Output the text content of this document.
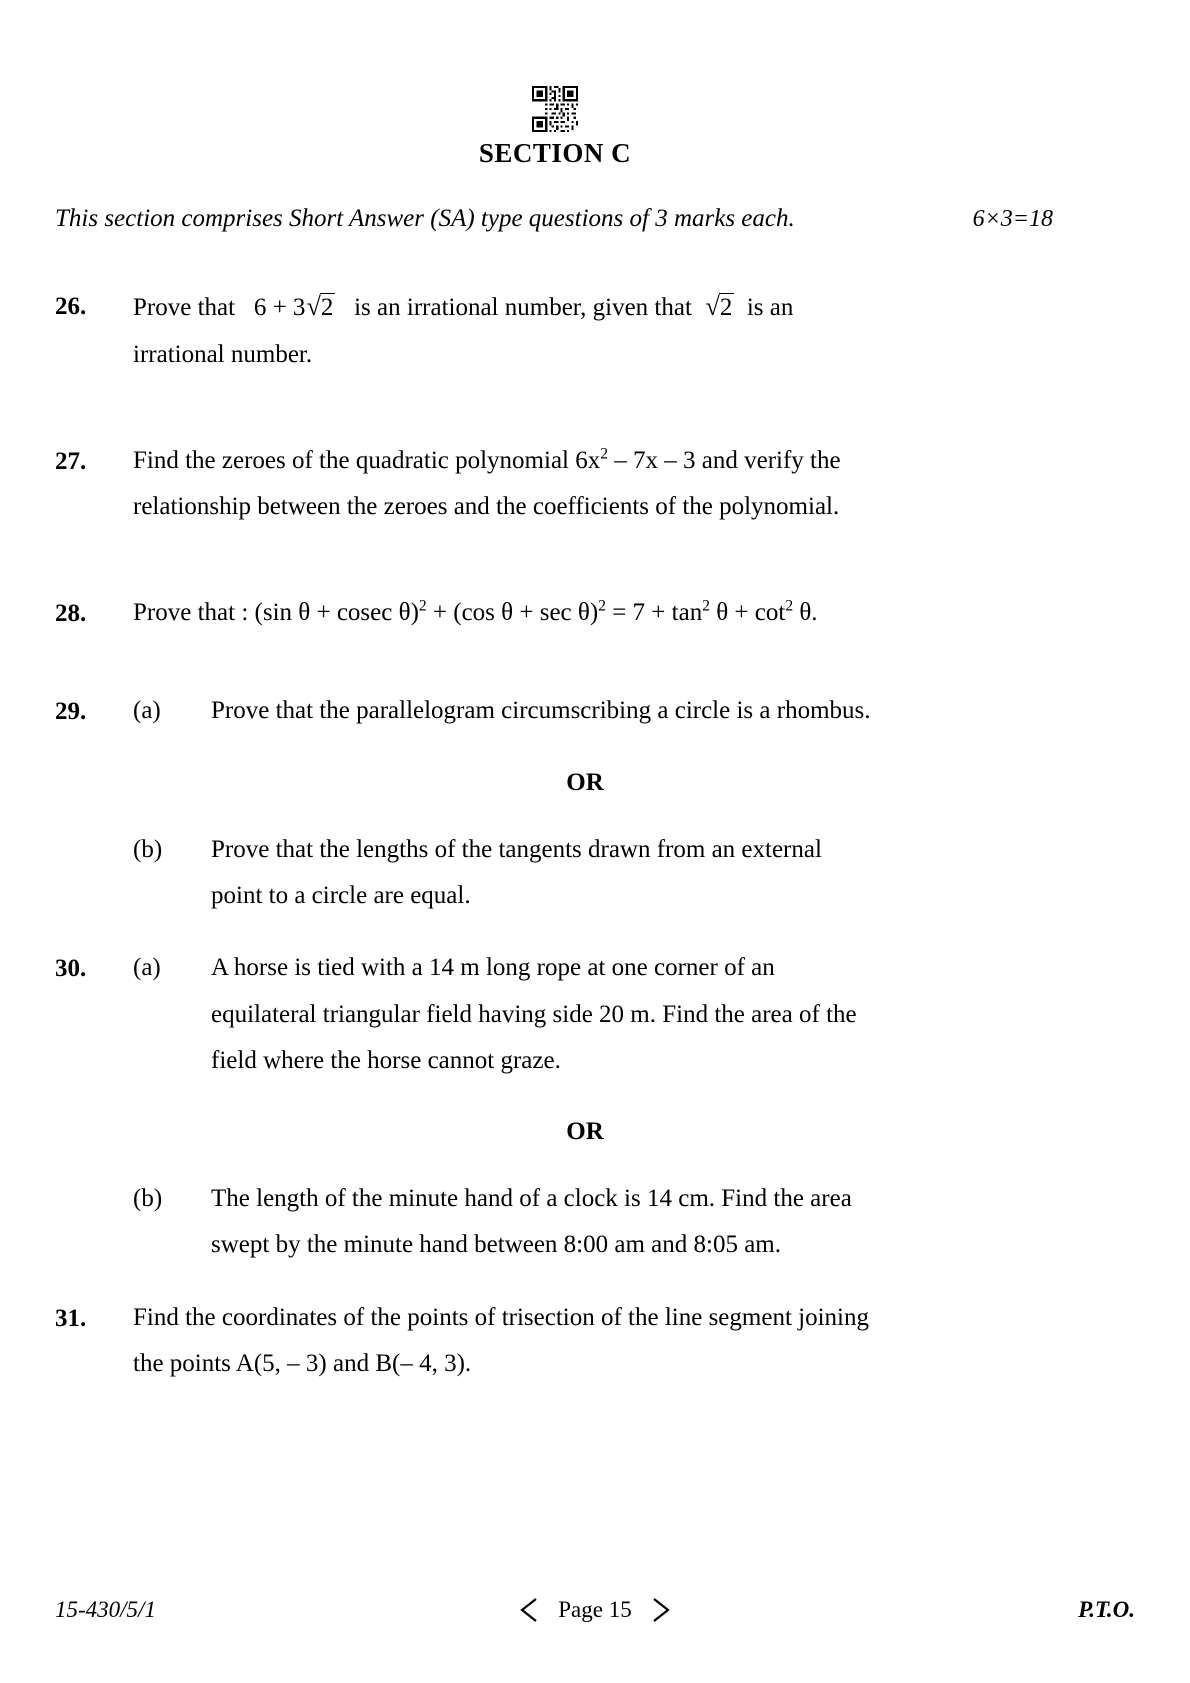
SECTION C
This section comprises Short Answer (SA) type questions of 3 marks each.	6×3=18
26.	Prove that 6 + 3√2 is an irrational number, given that √2 is an
irrational number.
27.	Find the zeroes of the quadratic polynomial $6x^2 - 7x - 3$ and verify the
relationship between the zeroes and the coefficients of the polynomial.
28.	Prove that : (sin θ + cosec θ)$^2$ + (cos $\theta + \sec \theta)^2 = 7 + \tan^2 \theta + \cot^2 \theta$.
29.	(a)	Prove that the parallelogram circumscribing a circle is a rhombus.
OR
(b)	Prove that the lengths of the tangents drawn from an external
point to a circle are equal.
30.	(a)	A horse is tied with a 14 m long rope at one corner of an
equilateral triangular field having side 20 m. Find the area of the
field where the horse cannot graze.
OR
(b)	The length of the minute hand of a clock is 14 cm. Find the area
swept by the minute hand between 8:00 am and 8:05 am.
31.	Find the coordinates of the points of trisection of the line segment joining
the points A(5, – 3) and B(– 4, 3).
15-430/5/1	Page 15	P.T.O.
